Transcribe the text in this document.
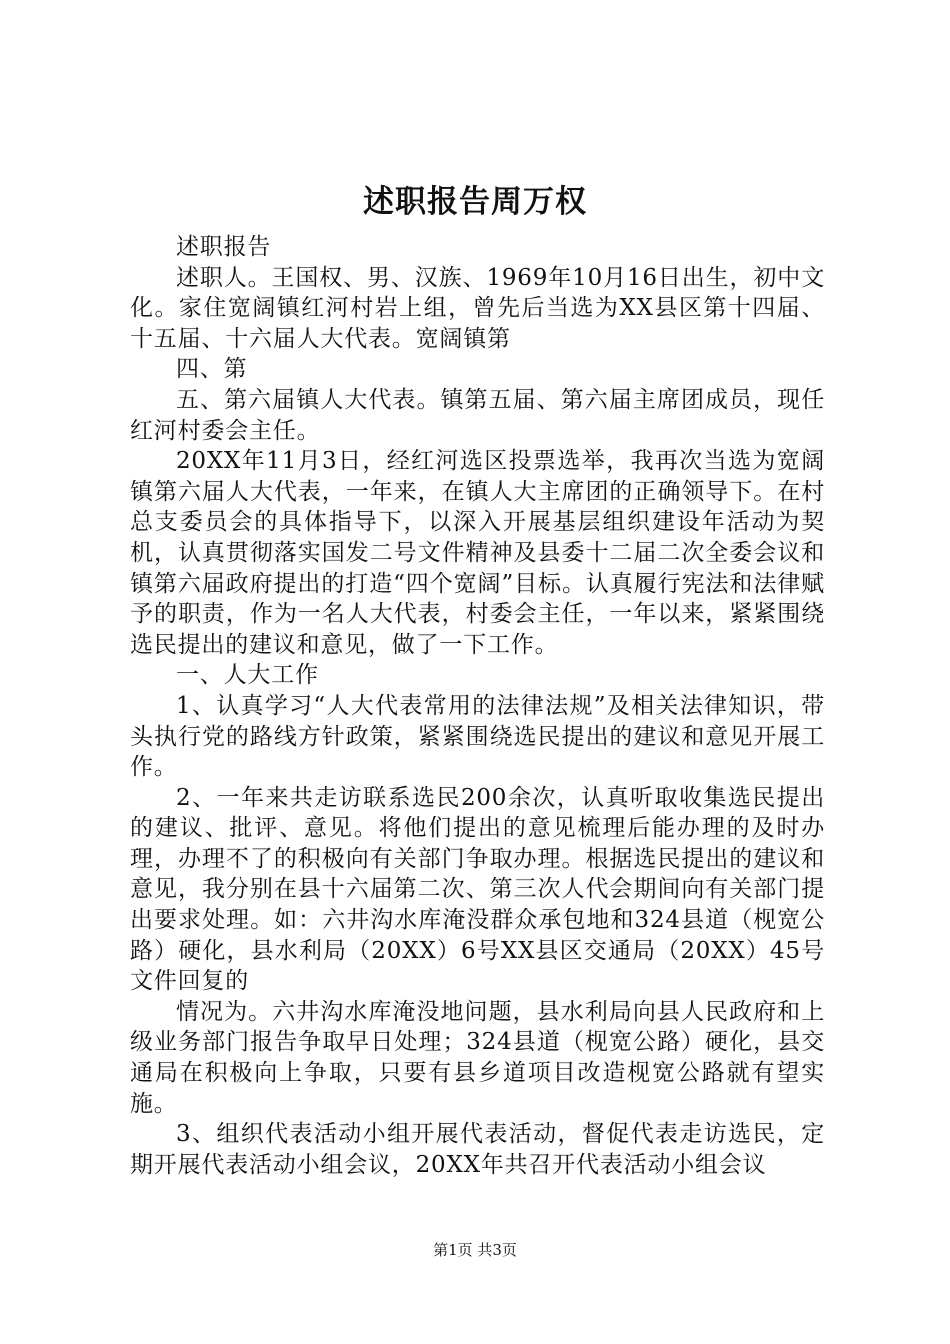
述职报告周万权

述职报告

述职人。王国权、男、汉族、1969年10月16日出生，初中文化。家住宽阔镇红河村岩上组，曾先后当选为XX县区第十四届、十五届、十六届人大代表。宽阔镇第

四、第

五、第六届镇人大代表。镇第五届、第六届主席团成员，现任红河村委会主任。

20XX年11月3日，经红河选区投票选举，我再次当选为宽阔镇第六届人大代表，一年来，在镇人大主席团的正确领导下。在村总支委员会的具体指导下，以深入开展基层组织建设年活动为契机，认真贯彻落实国发二号文件精神及县委十二届二次全委会议和镇第六届政府提出的打造“四个宽阔”目标。认真履行宪法和法律赋予的职责，作为一名人大代表，村委会主任，一年以来，紧紧围绕选民提出的建议和意见，做了一下工作。

一、人大工作

1、认真学习“人大代表常用的法律法规”及相关法律知识，带头执行党的路线方针政策，紧紧围绕选民提出的建议和意见开展工作。

2、一年来共走访联系选民200余次，认真听取收集选民提出的建议、批评、意见。将他们提出的意见梳理后能办理的及时办理，办理不了的积极向有关部门争取办理。根据选民提出的建议和意见，我分别在县十六届第二次、第三次人代会期间向有关部门提出要求处理。如：六井沟水库淹没群众承包地和324县道（枧宽公路）硬化，县水利局（20XX）6号XX县区交通局（20XX）45号文件回复的

情况为。六井沟水库淹没地问题，县水利局向县人民政府和上级业务部门报告争取早日处理；324县道（枧宽公路）硬化，县交通局在积极向上争取，只要有县乡道项目改造枧宽公路就有望实施。

3、组织代表活动小组开展代表活动，督促代表走访选民，定期开展代表活动小组会议，20XX年共召开代表活动小组会议

第1页 共3页
